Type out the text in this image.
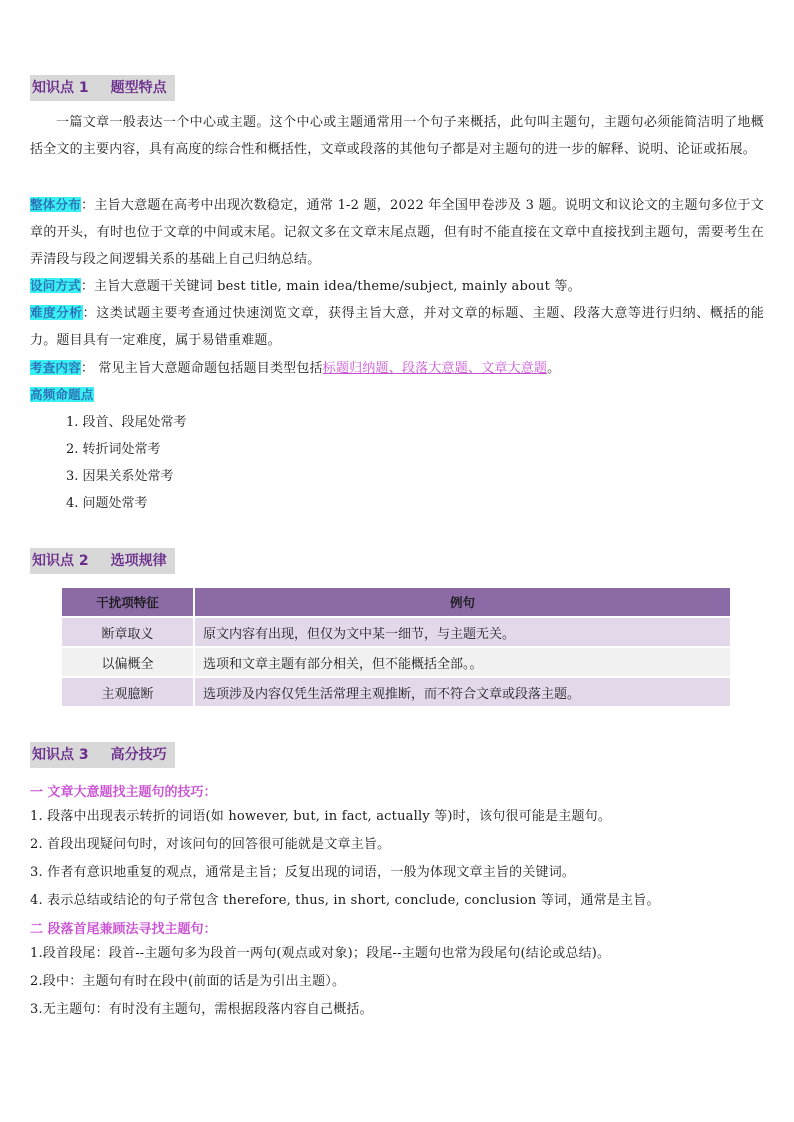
知识点 1 题型特点
一篇文章一般表达一个中心或主题。这个中心或主题通常用一个句子来概括，此句叫主题句，主题句必须能简洁明了地概括全文的主要内容，具有高度的综合性和概括性，文章或段落的其他句子都是对主题句的进一步的解释、说明、论证或拓展。
整体分布：主旨大意题在高考中出现次数稳定，通常 1-2 题，2022 年全国甲卷涉及 3 题。说明文和议论文的主题句多位于文章的开头，有时也位于文章的中间或末尾。记叙文多在文章末尾点题，但有时不能直接在文章中直接找到主题句，需要考生在弄清段与段之间逻辑关系的基础上自己归纳总结。
设问方式：主旨大意题干关键词 best title, main idea/theme/subject, mainly about 等。
难度分析：这类试题主要考查通过快速浏览文章，获得主旨大意，并对文章的标题、主题、段落大意等进行归纳、概括的能力。题目具有一定难度，属于易错重难题。
考查内容： 常见主旨大意题命题包括题目类型包括标题归纳题、段落大意题、文章大意题。
高频命题点
1. 段首、段尾处常考
2. 转折词处常考
3. 因果关系处常考
4. 问题处常考
知识点 2 选项规律
干扰项特征	例句
断章取义	原文内容有出现，但仅为文中某一细节，与主题无关。
以偏概全	选项和文章主题有部分相关，但不能概括全部。。
主观臆断	选项涉及内容仅凭生活常理主观推断，而不符合文章或段落主题。
知识点 3 高分技巧
一 文章大意题找主题句的技巧：
1. 段落中出现表示转折的词语(如 however, but, in fact, actually 等)时，该句很可能是主题句。
2. 首段出现疑问句时，对该问句的回答很可能就是文章主旨。
3. 作者有意识地重复的观点，通常是主旨；反复出现的词语，一般为体现文章主旨的关键词。
4. 表示总结或结论的句子常包含 therefore, thus, in short, conclude, conclusion 等词，通常是主旨。
二 段落首尾兼顾法寻找主题句：
1.段首段尾：段首--主题句多为段首一两句(观点或对象)；段尾--主题句也常为段尾句(结论或总结)。
2.段中：主题句有时在段中(前面的话是为引出主题）。
3.无主题句：有时没有主题句，需根据段落内容自己概括。
